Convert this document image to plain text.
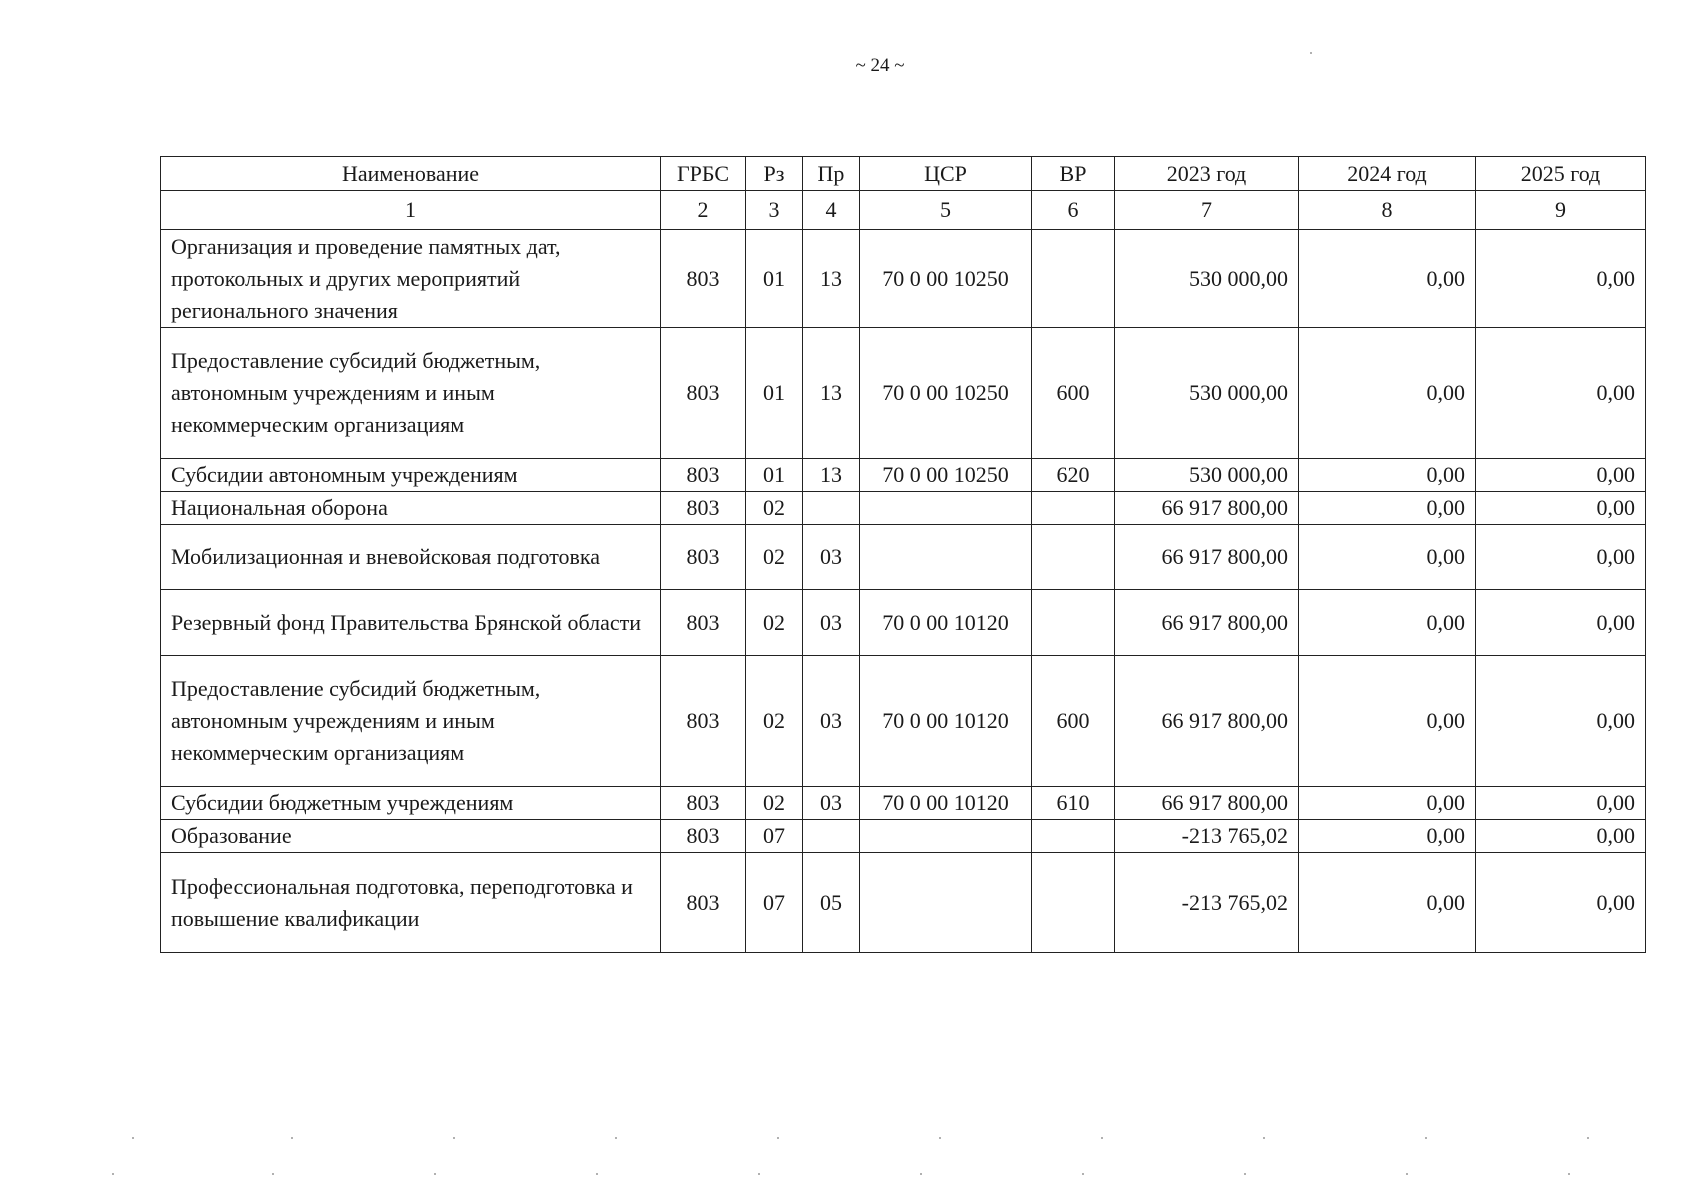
~ 24 ~
Наименование	ГРБС	Рз	Пр	ЦСР	ВР	2023 год	2024 год	2025 год
1	2	3	4	5	6	7	8	9
Организация и проведение памятных дат, протокольных и других мероприятий регионального значения	803	01	13	70 0 00 10250		530 000,00	0,00	0,00
Предоставление субсидий бюджетным, автономным учреждениям и иным некоммерческим организациям	803	01	13	70 0 00 10250	600	530 000,00	0,00	0,00
Субсидии автономным учреждениям	803	01	13	70 0 00 10250	620	530 000,00	0,00	0,00
Национальная оборона	803	02				66 917 800,00	0,00	0,00
Мобилизационная и вневойсковая подготовка	803	02	03			66 917 800,00	0,00	0,00
Резервный фонд Правительства Брянской области	803	02	03	70 0 00 10120		66 917 800,00	0,00	0,00
Предоставление субсидий бюджетным, автономным учреждениям и иным некоммерческим организациям	803	02	03	70 0 00 10120	600	66 917 800,00	0,00	0,00
Субсидии бюджетным учреждениям	803	02	03	70 0 00 10120	610	66 917 800,00	0,00	0,00
Образование	803	07				-213 765,02	0,00	0,00
Профессиональная подготовка, переподготовка и повышение квалификации	803	07	05			-213 765,02	0,00	0,00
